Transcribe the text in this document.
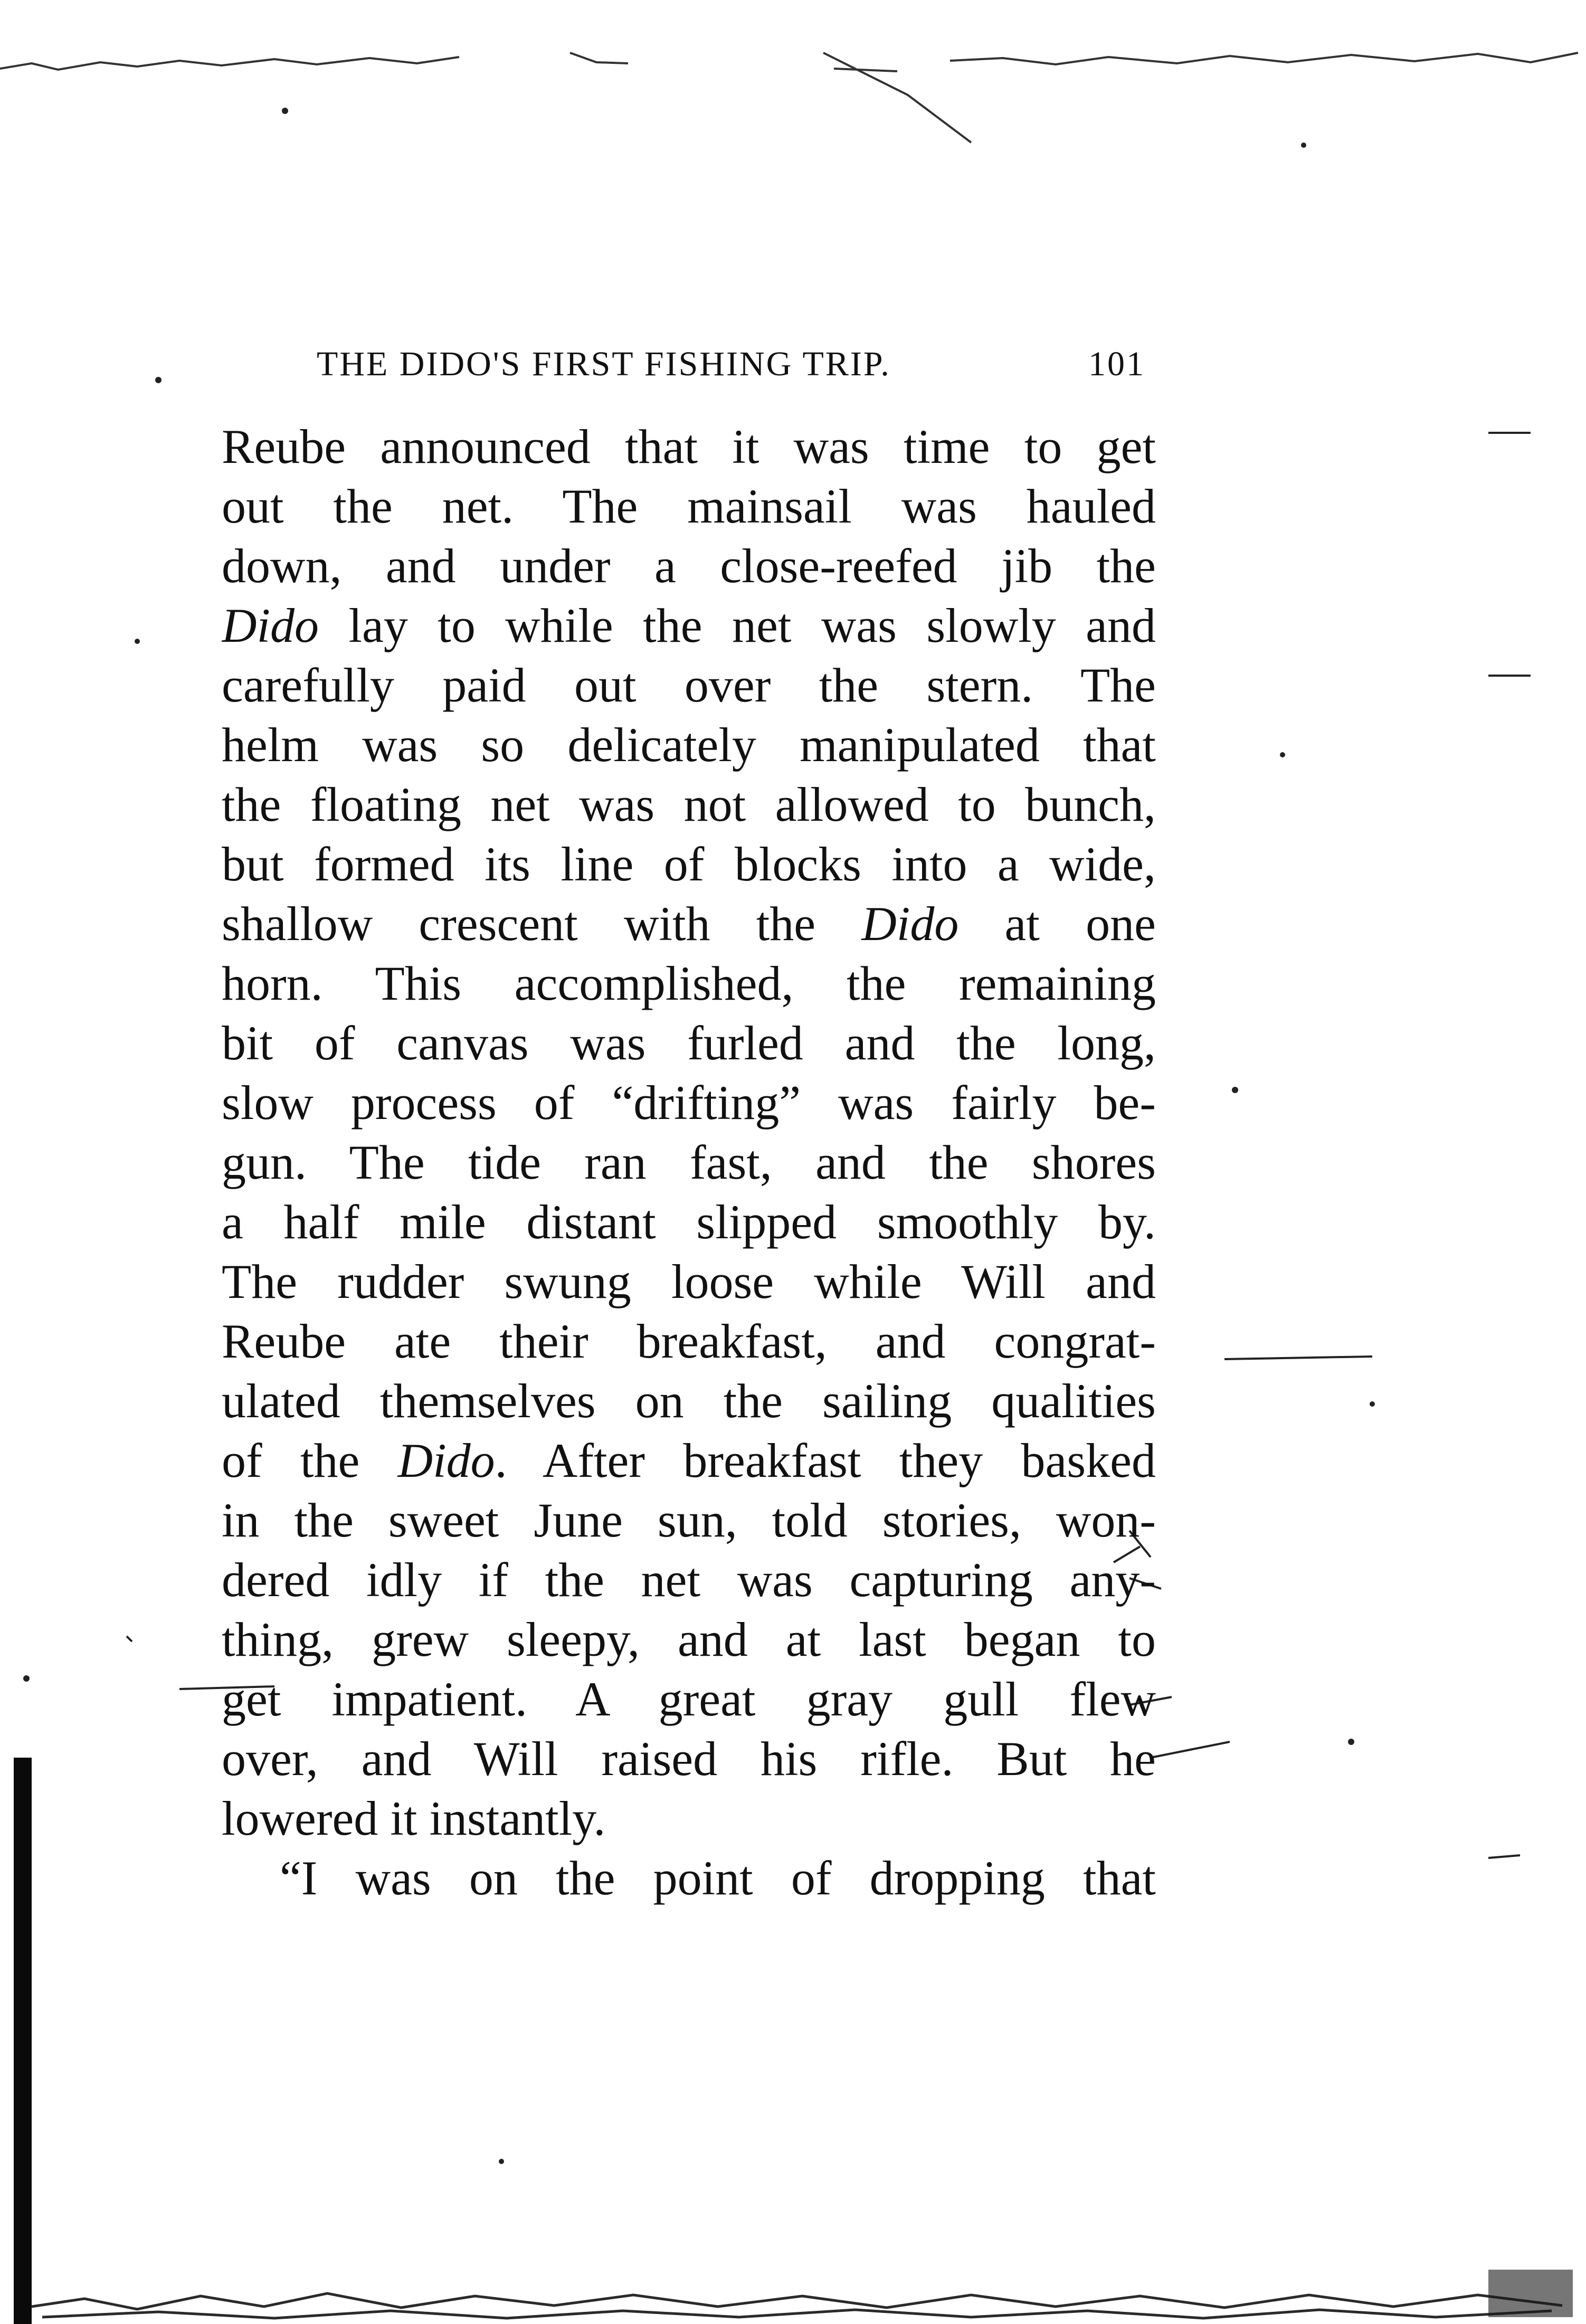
THE DIDO'S FIRST FISHING TRIP.	101
Reube announced that it was time to get
out the net. The mainsail was hauled
down, and under a close-reefed jib the
Dido lay to while the net was slowly and
carefully paid out over the stern. The
helm was so delicately manipulated that
the floating net was not allowed to bunch,
but formed its line of blocks into a wide,
shallow crescent with the Dido at one
horn. This accomplished, the remaining
bit of canvas was furled and the long,
slow process of “drifting” was fairly be-
gun. The tide ran fast, and the shores
a half mile distant slipped smoothly by.
The rudder swung loose while Will and
Reube ate their breakfast, and congrat-
ulated themselves on the sailing qualities
of the Dido. After breakfast they basked
in the sweet June sun, told stories, won-
dered idly if the net was capturing any-
thing, grew sleepy, and at last began to
get impatient. A great gray gull flew
over, and Will raised his rifle. But he
lowered it instantly.
“I was on the point of dropping that
